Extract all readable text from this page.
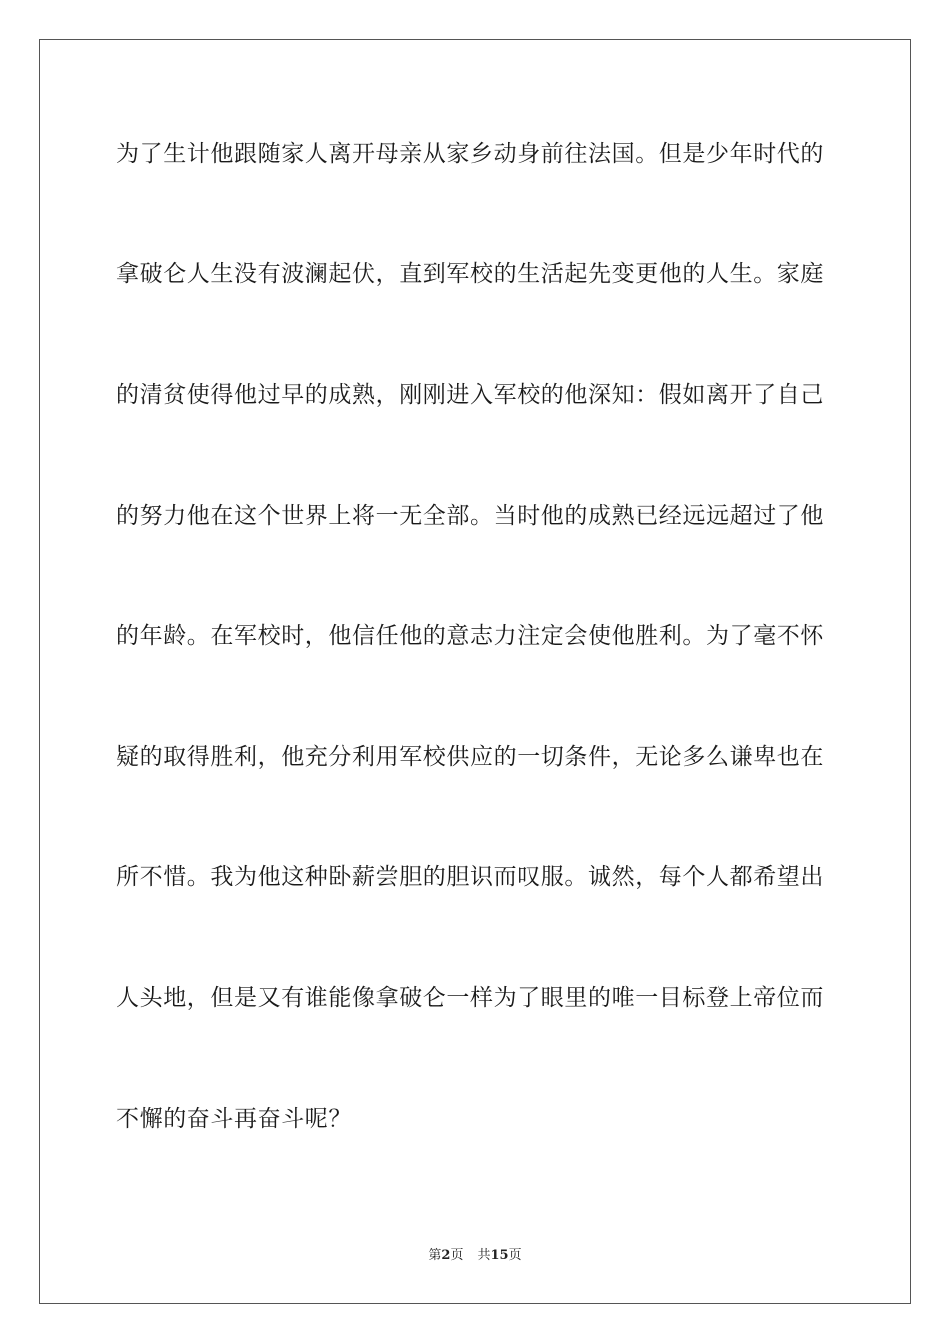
为了生计他跟随家人离开母亲从家乡动身前往法国。但是少年时代的
拿破仑人生没有波澜起伏，直到军校的生活起先变更他的人生。家庭
的清贫使得他过早的成熟，刚刚进入军校的他深知：假如离开了自己
的努力他在这个世界上将一无全部。当时他的成熟已经远远超过了他
的年龄。在军校时，他信任他的意志力注定会使他胜利。为了毫不怀
疑的取得胜利，他充分利用军校供应的一切条件，无论多么谦卑也在
所不惜。我为他这种卧薪尝胆的胆识而叹服。诚然，每个人都希望出
人头地，但是又有谁能像拿破仑一样为了眼里的唯一目标登上帝位而
不懈的奋斗再奋斗呢？
第2页 共15页
